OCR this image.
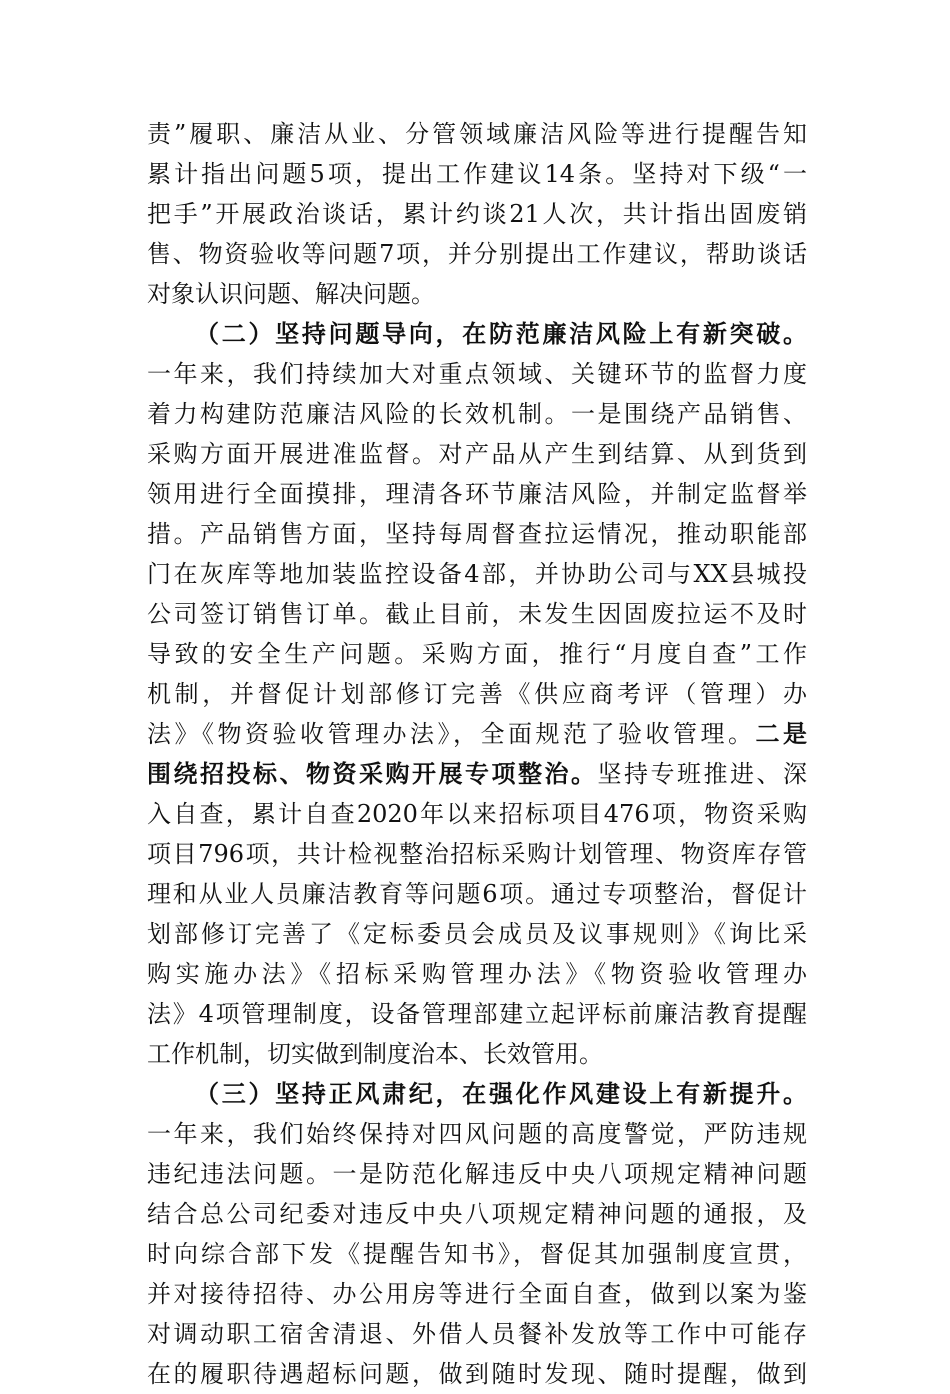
责”履职、廉洁从业、分管领域廉洁风险等进行提醒告知
累计指出问题5项，提出工作建议14条。坚持对下级“一
把手”开展政治谈话，累计约谈21人次，共计指出固废销
售、物资验收等问题7项，并分别提出工作建议，帮助谈话
对象认识问题、解决问题。
（二）坚持问题导向，在防范廉洁风险上有新突破。
一年来，我们持续加大对重点领域、关键环节的监督力度
着力构建防范廉洁风险的长效机制。一是围绕产品销售、
采购方面开展进准监督。对产品从产生到结算、从到货到
领用进行全面摸排，理清各环节廉洁风险，并制定监督举
措。产品销售方面，坚持每周督查拉运情况，推动职能部
门在灰库等地加装监控设备4部，并协助公司与XX县城投
公司签订销售订单。截止目前，未发生因固废拉运不及时
导致的安全生产问题。采购方面，推行“月度自查”工作
机制，并督促计划部修订完善《供应商考评（管理）办
法》《物资验收管理办法》，全面规范了验收管理。二是
围绕招投标、物资采购开展专项整治。坚持专班推进、深
入自查，累计自查2020年以来招标项目476项，物资采购
项目796项，共计检视整治招标采购计划管理、物资库存管
理和从业人员廉洁教育等问题6项。通过专项整治，督促计
划部修订完善了《定标委员会成员及议事规则》《询比采
购实施办法》《招标采购管理办法》《物资验收管理办
法》4项管理制度，设备管理部建立起评标前廉洁教育提醒
工作机制，切实做到制度治本、长效管用。
（三）坚持正风肃纪，在强化作风建设上有新提升。
一年来，我们始终保持对四风问题的高度警觉，严防违规
违纪违法问题。一是防范化解违反中央八项规定精神问题
结合总公司纪委对违反中央八项规定精神问题的通报，及
时向综合部下发《提醒告知书》，督促其加强制度宣贯，
并对接待招待、办公用房等进行全面自查，做到以案为鉴
对调动职工宿舍清退、外借人员餐补发放等工作中可能存
在的履职待遇超标问题，做到随时发现、随时提醒，做到
